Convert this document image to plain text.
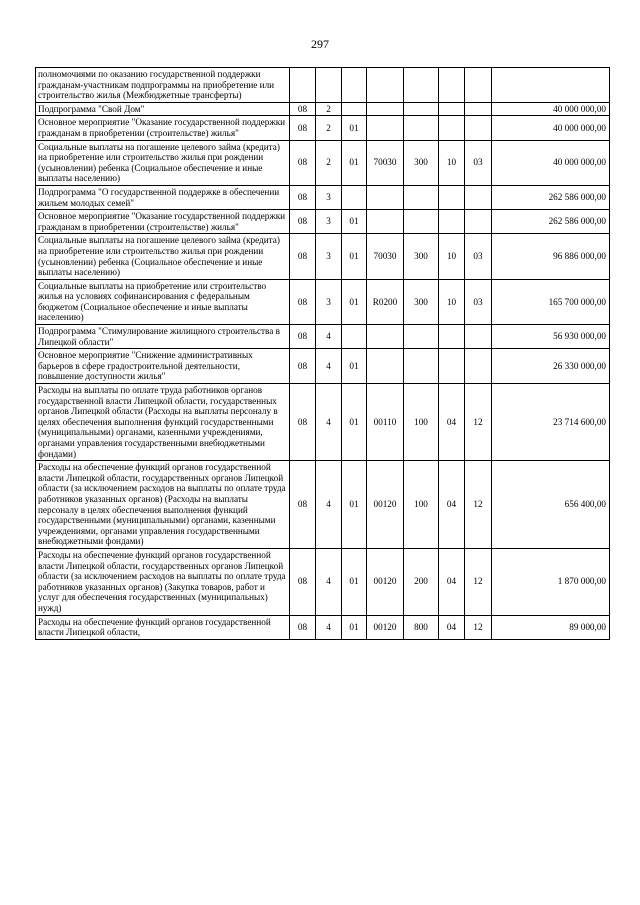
297
полномочиями по оказанию государственной поддержки гражданам-участникам подпрограммы на приобретение или строительство жилья (Межбюджетные трансферты)								
Подпрограмма "Свой Дом"	08	2						40 000 000,00
Основное мероприятие "Оказание государственной поддержки гражданам в приобретении (строительстве) жилья"	08	2	01					40 000 000,00
Социальные выплаты на погашение целевого займа (кредита) на приобретение или строительство жилья при рождении (усыновлении) ребенка (Социальное обеспечение и иные выплаты населению)	08	2	01	70030	300	10	03	40 000 000,00
Подпрограмма "О государственной поддержке в обеспечении жильем молодых семей"	08	3						262 586 000,00
Основное мероприятие "Оказание государственной поддержки гражданам в приобретении (строительстве) жилья"	08	3	01					262 586 000,00
Социальные выплаты на погашение целевого займа (кредита) на приобретение или строительство жилья при рождении (усыновлении) ребенка (Социальное обеспечение и иные выплаты населению)	08	3	01	70030	300	10	03	96 886 000,00
Социальные выплаты на приобретение или строительство жилья на условиях софинансирования с федеральным бюджетом (Социальное обеспечение и иные выплаты населению)	08	3	01	R0200	300	10	03	165 700 000,00
Подпрограмма "Стимулирование жилищного строительства в Липецкой области"	08	4						56 930 000,00
Основное мероприятие "Снижение административных барьеров в сфере градостроительной деятельности, повышение доступности жилья"	08	4	01					26 330 000,00
Расходы на выплаты по оплате труда работников органов государственной власти Липецкой области, государственных органов Липецкой области (Расходы на выплаты персоналу в целях обеспечения выполнения функций государственными (муниципальными) органами, казенными учреждениями, органами управления государственными внебюджетными фондами)	08	4	01	00110	100	04	12	23 714 600,00
Расходы на обеспечение функций органов государственной власти Липецкой области, государственных органов Липецкой области (за исключением расходов на выплаты по оплате труда работников указанных органов) (Расходы на выплаты персоналу в целях обеспечения выполнения функций государственными (муниципальными) органами, казенными учреждениями, органами управления государственными внебюджетными фондами)	08	4	01	00120	100	04	12	656 400,00
Расходы на обеспечение функций органов государственной власти Липецкой области, государственных органов Липецкой области (за исключением расходов на выплаты по оплате труда работников указанных органов) (Закупка товаров, работ и услуг для обеспечения государственных (муниципальных) нужд)	08	4	01	00120	200	04	12	1 870 000,00
Расходы на обеспечение функций органов государственной власти Липецкой области,	08	4	01	00120	800	04	12	89 000,00
